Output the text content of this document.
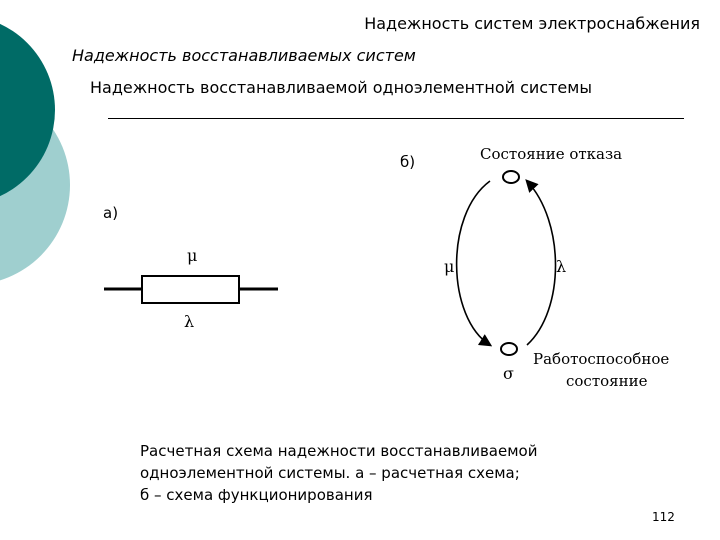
Надежность систем электроснабжения
Надежность восстанавливаемых систем
Надежность восстанавливаемой одноэлементной системы
а)
б)
μ
λ
Состояние отказа
μ	λ
σ
Работоспособное
состояние
Расчетная схема надежности восстанавливаемой
одноэлементной системы. а – расчетная схема;
б – схема функционирования
112
